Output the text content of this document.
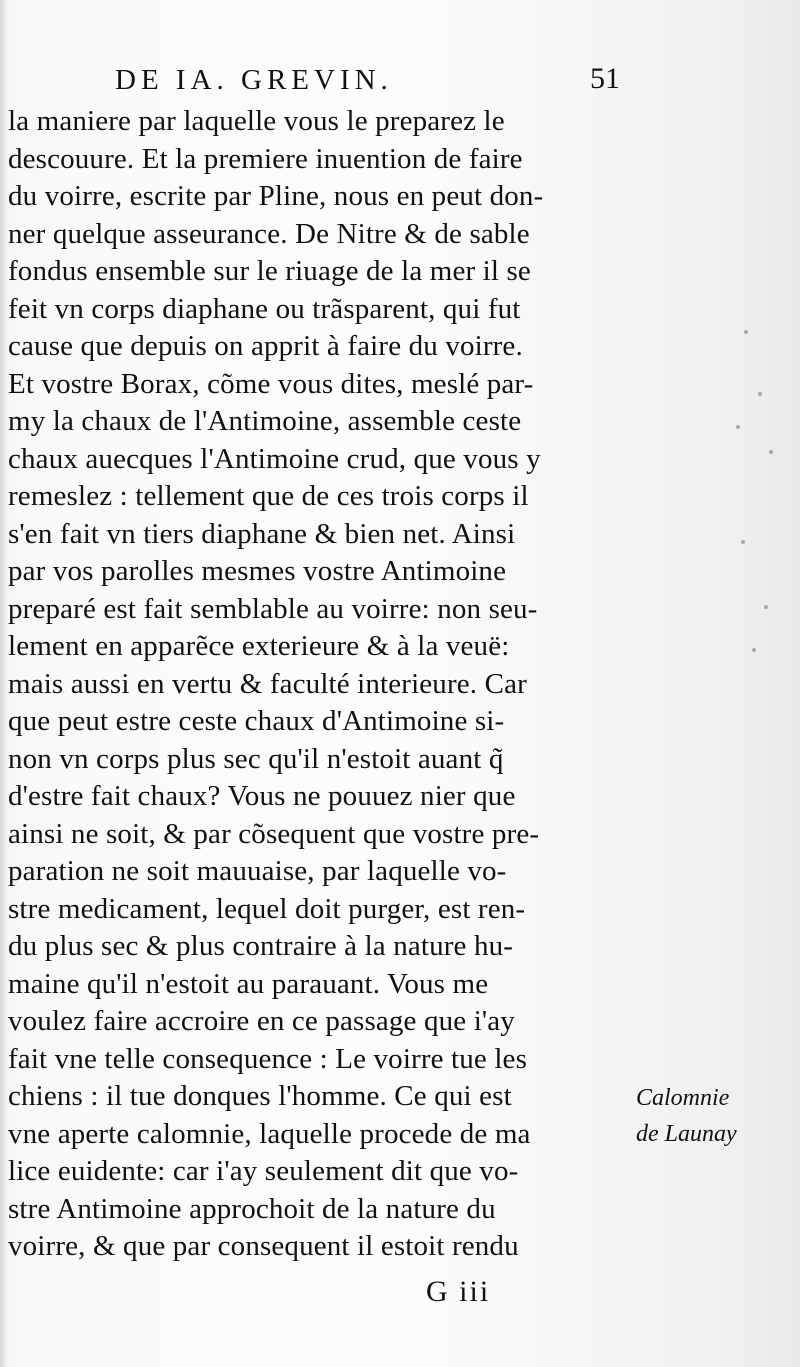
DE IA. GREVIN.	51
la maniere par laquelle vous le preparez le
descouure. Et la premiere inuention de faire
du voirre, escrite par Pline, nous en peut don-
ner quelque asseurance. De Nitre & de sable
fondus ensemble sur le riuage de la mer il se
feit vn corps diaphane ou trãsparent, qui fut
cause que depuis on apprit à faire du voirre.
Et vostre Borax, cõme vous dites, meslé par-
my la chaux de l'Antimoine, assemble ceste
chaux auecques l'Antimoine crud, que vous y
remeslez : tellement que de ces trois corps il
s'en fait vn tiers diaphane & bien net. Ainsi
par vos parolles mesmes vostre Antimoine
preparé est fait semblable au voirre: non seu-
lement en apparẽce exterieure & à la veuë:
mais aussi en vertu & faculté interieure. Car
que peut estre ceste chaux d'Antimoine si-
non vn corps plus sec qu'il n'estoit auant q̃
d'estre fait chaux? Vous ne pouuez nier que
ainsi ne soit, & par cõsequent que vostre pre-
paration ne soit mauuaise, par laquelle vo-
stre medicament, lequel doit purger, est ren-
du plus sec & plus contraire à la nature hu-
maine qu'il n'estoit au parauant. Vous me
voulez faire accroire en ce passage que i'ay
fait vne telle consequence : Le voirre tue les
chiens : il tue donques l'homme. Ce qui est
vne aperte calomnie, laquelle procede de ma
lice euidente: car i'ay seulement dit que vo-
stre Antimoine approchoit de la nature du
voirre, & que par consequent il estoit rendu
Calomnie
de Launay
G iii
